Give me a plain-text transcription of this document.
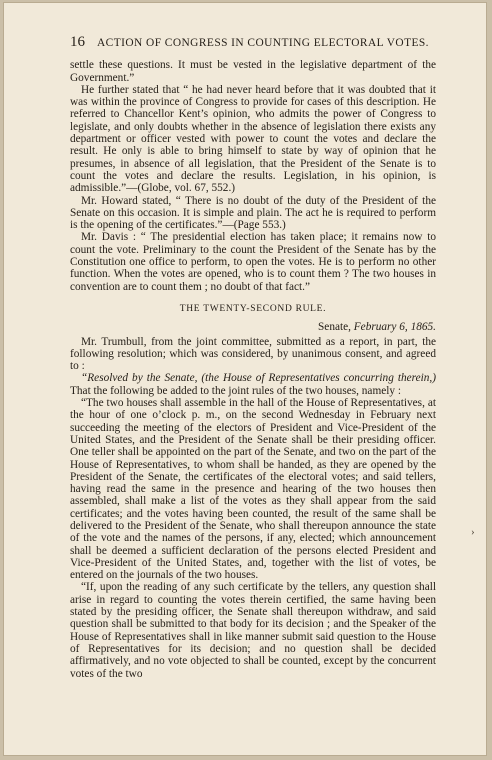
16 ACTION OF CONGRESS IN COUNTING ELECTORAL VOTES.

settle these questions. It must be vested in the legislative department of the Government.”

He further stated that “ he had never heard before that it was doubted that it was within the province of Congress to provide for cases of this description. He referred to Chancellor Kent’s opinion, who admits the power of Congress to legislate, and only doubts whether in the absence of legislation there exists any department or officer vested with power to count the votes and declare the result. He only is able to bring himself to state by way of opinion that he presumes, in absence of all legislation, that the President of the Senate is to count the votes and declare the results. Legislation, in his opinion, is admissible.”—(Globe, vol. 67, 552.)

Mr. Howard stated, “ There is no doubt of the duty of the President of the Senate on this occasion. It is simple and plain. The act he is required to perform is the opening of the certificates.”—(Page 553.)

Mr. Davis : “ The presidential election has taken place; it remains now to count the vote. Preliminary to the count the President of the Senate has by the Constitution one office to perform, to open the votes. He is to perform no other function. When the votes are opened, who is to count them ? The two houses in convention are to count them ; no doubt of that fact.”

THE TWENTY-SECOND RULE.
Senate, February 6, 1865.

Mr. Trumbull, from the joint committee, submitted as a report, in part, the following resolution; which was considered, by unanimous consent, and agreed to :

“Resolved by the Senate, (the House of Representatives concurring therein,) That the following be added to the joint rules of the two houses, namely :

“The two houses shall assemble in the hall of the House of Representatives, at the hour of one o’clock p. m., on the second Wednesday in February next succeeding the meeting of the electors of President and Vice-President of the United States, and the President of the Senate shall be their presiding officer. One teller shall be appointed on the part of the Senate, and two on the part of the House of Representatives, to whom shall be handed, as they are opened by the President of the Senate, the certificates of the electoral votes; and said tellers, having read the same in the presence and hearing of the two houses then assembled, shall make a list of the votes as they shall appear from the said certificates; and the votes having been counted, the result of the same shall be delivered to the President of the Senate, who shall thereupon announce the state of the vote and the names of the persons, if any, elected; which announcement shall be deemed a sufficient declaration of the persons elected President and Vice-President of the United States, and, together with the list of votes, be entered on the journals of the two houses.

“If, upon the reading of any such certificate by the tellers, any question shall arise in regard to counting the votes therein certified, the same having been stated by the presiding officer, the Senate shall thereupon withdraw, and said question shall be submitted to that body for its decision ; and the Speaker of the House of Representatives shall in like manner submit said question to the House of Representatives for its decision; and no question shall be decided affirmatively, and no vote objected to shall be counted, except by the concurrent votes of the two

›
